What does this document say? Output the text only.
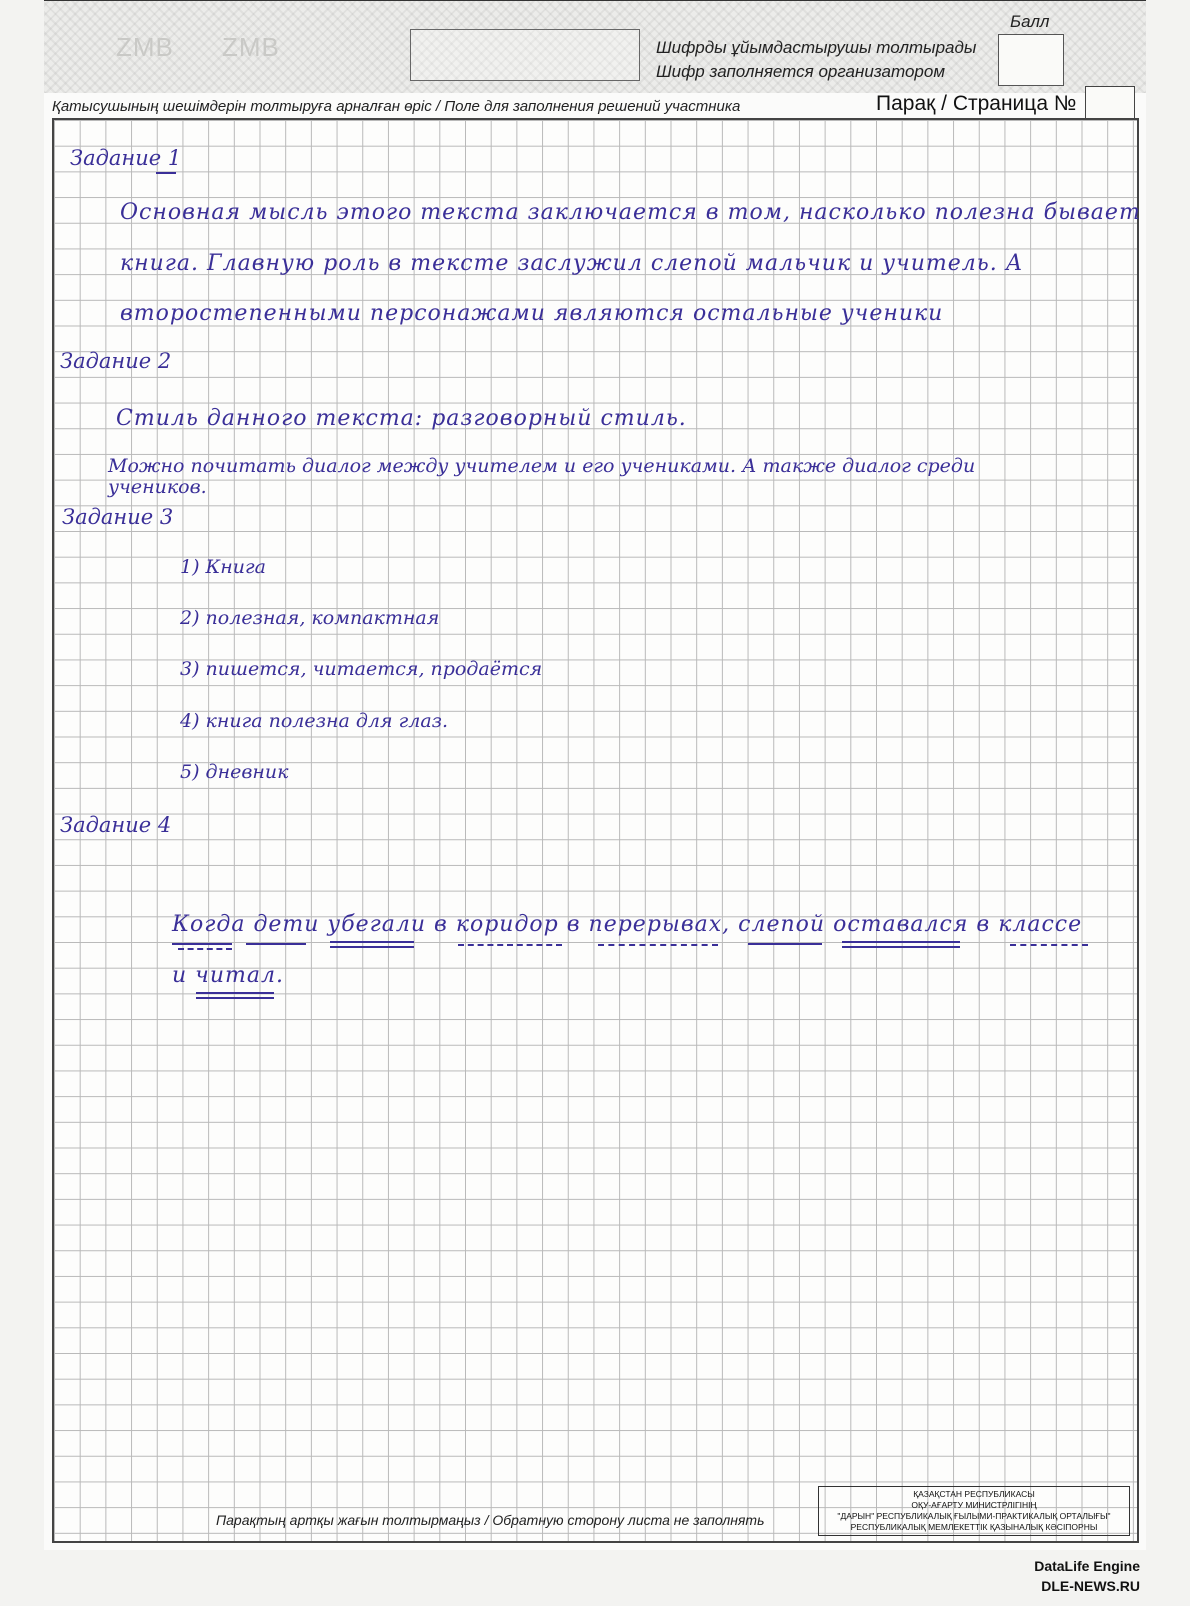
ZMB ZMB	Шифрды ұйымдастырушы толтырады
Шифр заполняется организатором
Балл
Қатысушының шешімдерін толтыруға арналған өріс / Поле для заполнения решений участника	Парақ / Страница №
Задание 1
Основная мысль этого текста заключается в том, насколько полезна бывает
книга. Главную роль в тексте заслужил слепой мальчик и учитель. А
второстепенными персонажами являются остальные ученики
Задание 2
Стиль данного текста: разговорный стиль.
Можно почитать диалог между учителем и его учениками. А также диалог среди
учеников.
Задание 3
1) Книга
2) полезная, компактная
3) пишется, читается, продаётся
4) книга полезна для глаз.
5) дневник
Задание 4
Когда дети убегали в коридор в перерывах, слепой оставался в классе
и читал.
Парақтың артқы жағын толтырмаңыз / Обратную сторону листа не заполнять
ҚАЗАҚСТАН РЕСПУБЛИКАСЫ
ОҚУ-АҒАРТУ МИНИСТРЛІГІНІҢ
"ДАРЫН" РЕСПУБЛИКАЛЫҚ ҒЫЛЫМИ-ПРАКТИКАЛЫҚ ОРТАЛЫҒЫ"
РЕСПУБЛИКАЛЫҚ МЕМЛЕКЕТТІК ҚАЗЫНАЛЫҚ КӘСІПОРНЫ
DataLife Engine
DLE-NEWS.RU
